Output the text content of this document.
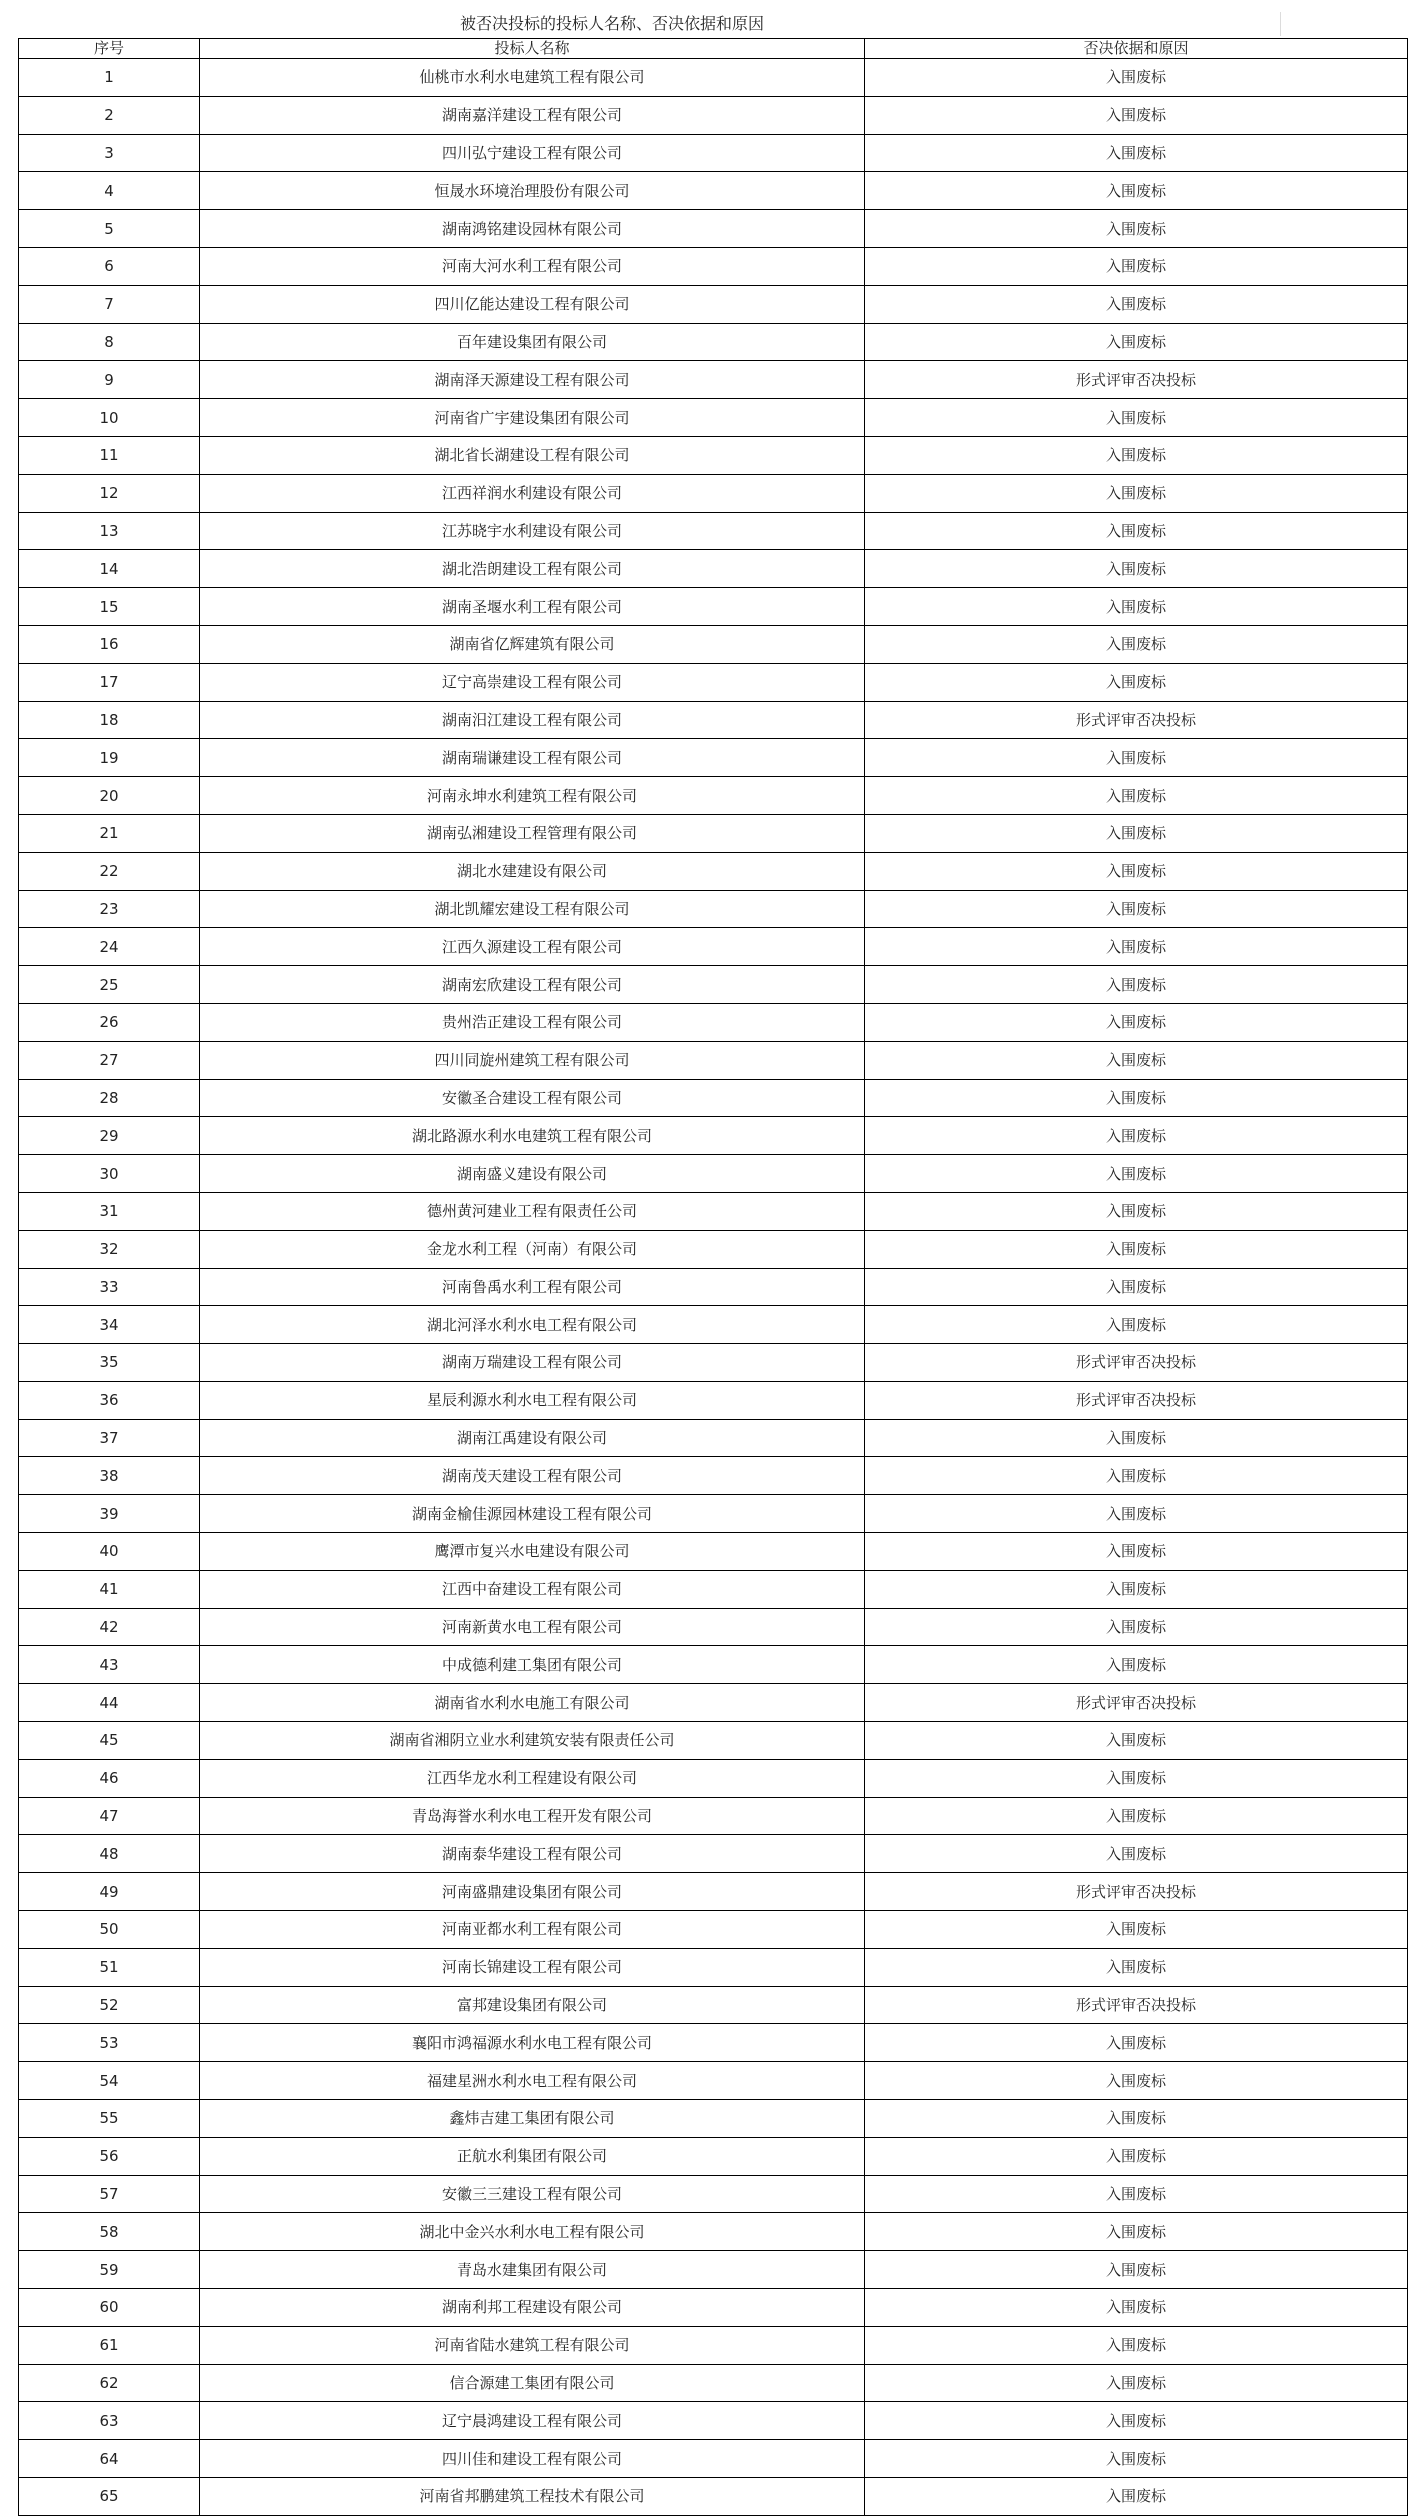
被否决投标的投标人名称、否决依据和原因
序号	投标人名称	否决依据和原因
1	仙桃市水利水电建筑工程有限公司	入围废标
2	湖南嘉洋建设工程有限公司	入围废标
3	四川弘宁建设工程有限公司	入围废标
4	恒晟水环境治理股份有限公司	入围废标
5	湖南鸿铭建设园林有限公司	入围废标
6	河南大河水利工程有限公司	入围废标
7	四川亿能达建设工程有限公司	入围废标
8	百年建设集团有限公司	入围废标
9	湖南泽天源建设工程有限公司	形式评审否决投标
10	河南省广宇建设集团有限公司	入围废标
11	湖北省长湖建设工程有限公司	入围废标
12	江西祥润水利建设有限公司	入围废标
13	江苏晓宇水利建设有限公司	入围废标
14	湖北浩朗建设工程有限公司	入围废标
15	湖南圣堰水利工程有限公司	入围废标
16	湖南省亿辉建筑有限公司	入围废标
17	辽宁高崇建设工程有限公司	入围废标
18	湖南汨江建设工程有限公司	形式评审否决投标
19	湖南瑞谦建设工程有限公司	入围废标
20	河南永坤水利建筑工程有限公司	入围废标
21	湖南弘湘建设工程管理有限公司	入围废标
22	湖北水建建设有限公司	入围废标
23	湖北凯耀宏建设工程有限公司	入围废标
24	江西久源建设工程有限公司	入围废标
25	湖南宏欣建设工程有限公司	入围废标
26	贵州浩正建设工程有限公司	入围废标
27	四川同旋州建筑工程有限公司	入围废标
28	安徽圣合建设工程有限公司	入围废标
29	湖北路源水利水电建筑工程有限公司	入围废标
30	湖南盛义建设有限公司	入围废标
31	德州黄河建业工程有限责任公司	入围废标
32	金龙水利工程（河南）有限公司	入围废标
33	河南鲁禹水利工程有限公司	入围废标
34	湖北河泽水利水电工程有限公司	入围废标
35	湖南万瑞建设工程有限公司	形式评审否决投标
36	星辰利源水利水电工程有限公司	形式评审否决投标
37	湖南江禹建设有限公司	入围废标
38	湖南茂天建设工程有限公司	入围废标
39	湖南金榆佳源园林建设工程有限公司	入围废标
40	鹰潭市复兴水电建设有限公司	入围废标
41	江西中奋建设工程有限公司	入围废标
42	河南新黄水电工程有限公司	入围废标
43	中成德利建工集团有限公司	入围废标
44	湖南省水利水电施工有限公司	形式评审否决投标
45	湖南省湘阴立业水利建筑安装有限责任公司	入围废标
46	江西华龙水利工程建设有限公司	入围废标
47	青岛海誉水利水电工程开发有限公司	入围废标
48	湖南泰华建设工程有限公司	入围废标
49	河南盛鼎建设集团有限公司	形式评审否决投标
50	河南亚都水利工程有限公司	入围废标
51	河南长锦建设工程有限公司	入围废标
52	富邦建设集团有限公司	形式评审否决投标
53	襄阳市鸿福源水利水电工程有限公司	入围废标
54	福建星洲水利水电工程有限公司	入围废标
55	鑫炜吉建工集团有限公司	入围废标
56	正航水利集团有限公司	入围废标
57	安徽三三建设工程有限公司	入围废标
58	湖北中金兴水利水电工程有限公司	入围废标
59	青岛水建集团有限公司	入围废标
60	湖南利邦工程建设有限公司	入围废标
61	河南省陆水建筑工程有限公司	入围废标
62	信合源建工集团有限公司	入围废标
63	辽宁晨鸿建设工程有限公司	入围废标
64	四川佳和建设工程有限公司	入围废标
65	河南省邦鹏建筑工程技术有限公司	入围废标
